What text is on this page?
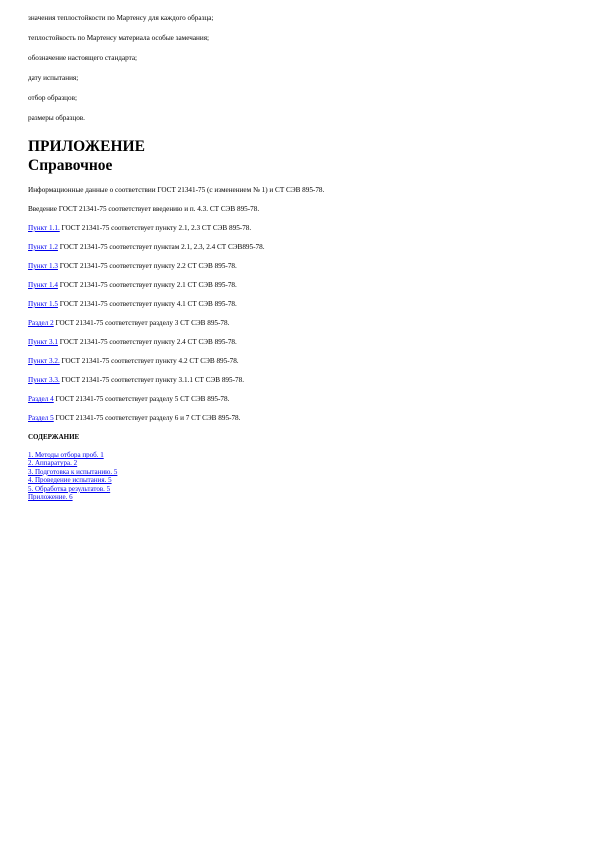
значения теплостойкости по Мартенсу для каждого образца;

теплостойкость по Мартенсу материала особые замечания;

обозначение настоящего стандарта;

дату испытания;

отбор образцов;

размеры образцов.

ПРИЛОЖЕНИЕ
Справочное

Информационные данные о соответствии ГОСТ 21341-75 (с изменением № 1) и СТ СЭВ 895-78.

Введение ГОСТ 21341-75 соответствует введению и п. 4.3. СТ СЭВ 895-78.

Пункт 1.1. ГОСТ 21341-75 соответствует пункту 2.1, 2.3 СТ СЭВ 895-78.

Пункт 1.2 ГОСТ 21341-75 соответствует пунктам 2.1, 2.3, 2.4 СТ СЭВ895-78.

Пункт 1.3 ГОСТ 21341-75 соответствует пункту 2.2 СТ СЭВ 895-78.

Пункт 1.4 ГОСТ 21341-75 соответствует пункту 2.1 СТ СЭВ 895-78.

Пункт 1.5 ГОСТ 21341-75 соответствует пункту 4.1 СТ СЭВ 895-78.

Раздел 2 ГОСТ 21341-75 соответствует разделу 3 СТ СЭВ 895-78.

Пункт 3.1 ГОСТ 21341-75 соответствует пункту 2.4 СТ СЭВ 895-78.

Пункт 3.2. ГОСТ 21341-75 соответствует пункту 4.2 СТ СЭВ 895-78.

Пункт 3.3. ГОСТ 21341-75 соответствует пункту 3.1.1 СТ СЭВ 895-78.

Раздел 4 ГОСТ 21341-75 соответствует разделу 5 СТ СЭВ 895-78.

Раздел 5 ГОСТ 21341-75 соответствует разделу 6 и 7 СТ СЭВ 895-78.

СОДЕРЖАНИЕ
1. Методы отбора проб. 1
2. Аппаратура. 2
3. Подготовка к испытанию. 5
4. Проведение испытания. 5
5. Обработка результатов. 5
Приложение. 6
